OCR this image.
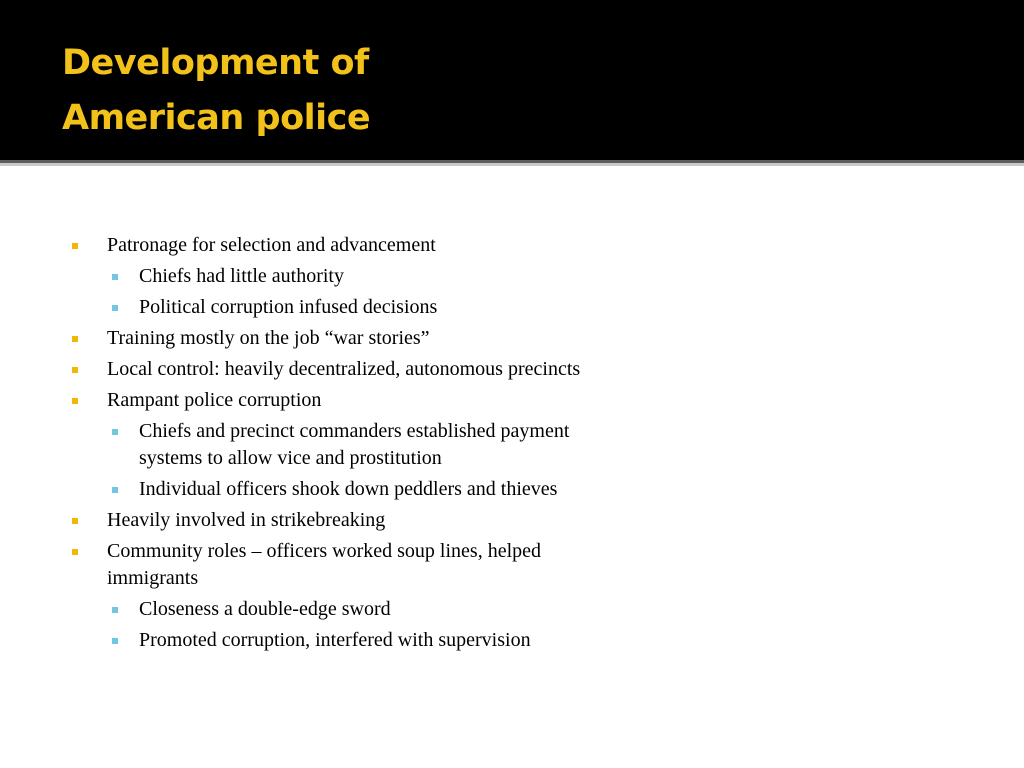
Development of
American police
Patronage for selection and advancement
Chiefs had little authority
Political corruption infused decisions
Training mostly on the job “war stories”
Local control: heavily decentralized, autonomous precincts
Rampant police corruption
Chiefs and precinct commanders established payment systems to allow vice and prostitution
Individual officers shook down peddlers and thieves
Heavily involved in strikebreaking
Community roles – officers worked soup lines, helped immigrants
Closeness a double-edge sword
Promoted corruption, interfered with supervision
